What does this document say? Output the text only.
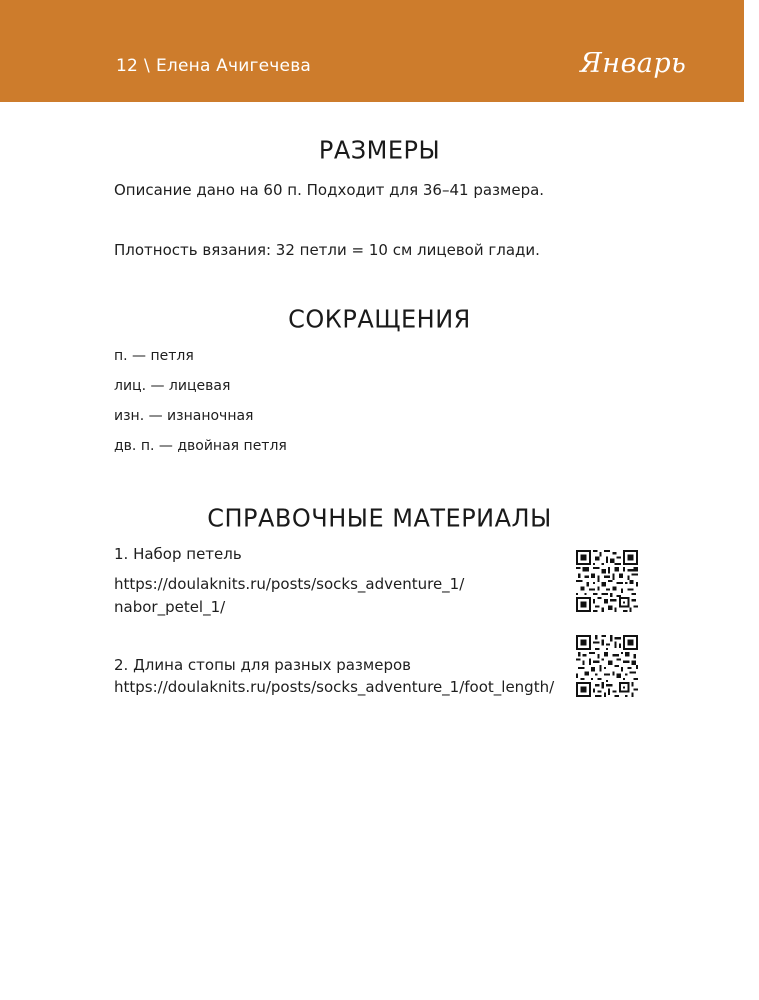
12 \ Елена Ачигечева	Январь
РАЗМЕРЫ
Описание дано на 60 п. Подходит для 36–41 размера.
Плотность вязания: 32 петли = 10 см лицевой глади.
СОКРАЩЕНИЯ
п. — петля
лиц. — лицевая
изн. — изнаночная
дв. п. — двойная петля
СПРАВОЧНЫЕ МАТЕРИАЛЫ
1. Набор петель
https://doulaknits.ru/posts/socks_adventure_1/
nabor_petel_1/
2. Длина стопы для разных размеров
https://doulaknits.ru/posts/socks_adventure_1/foot_length/
